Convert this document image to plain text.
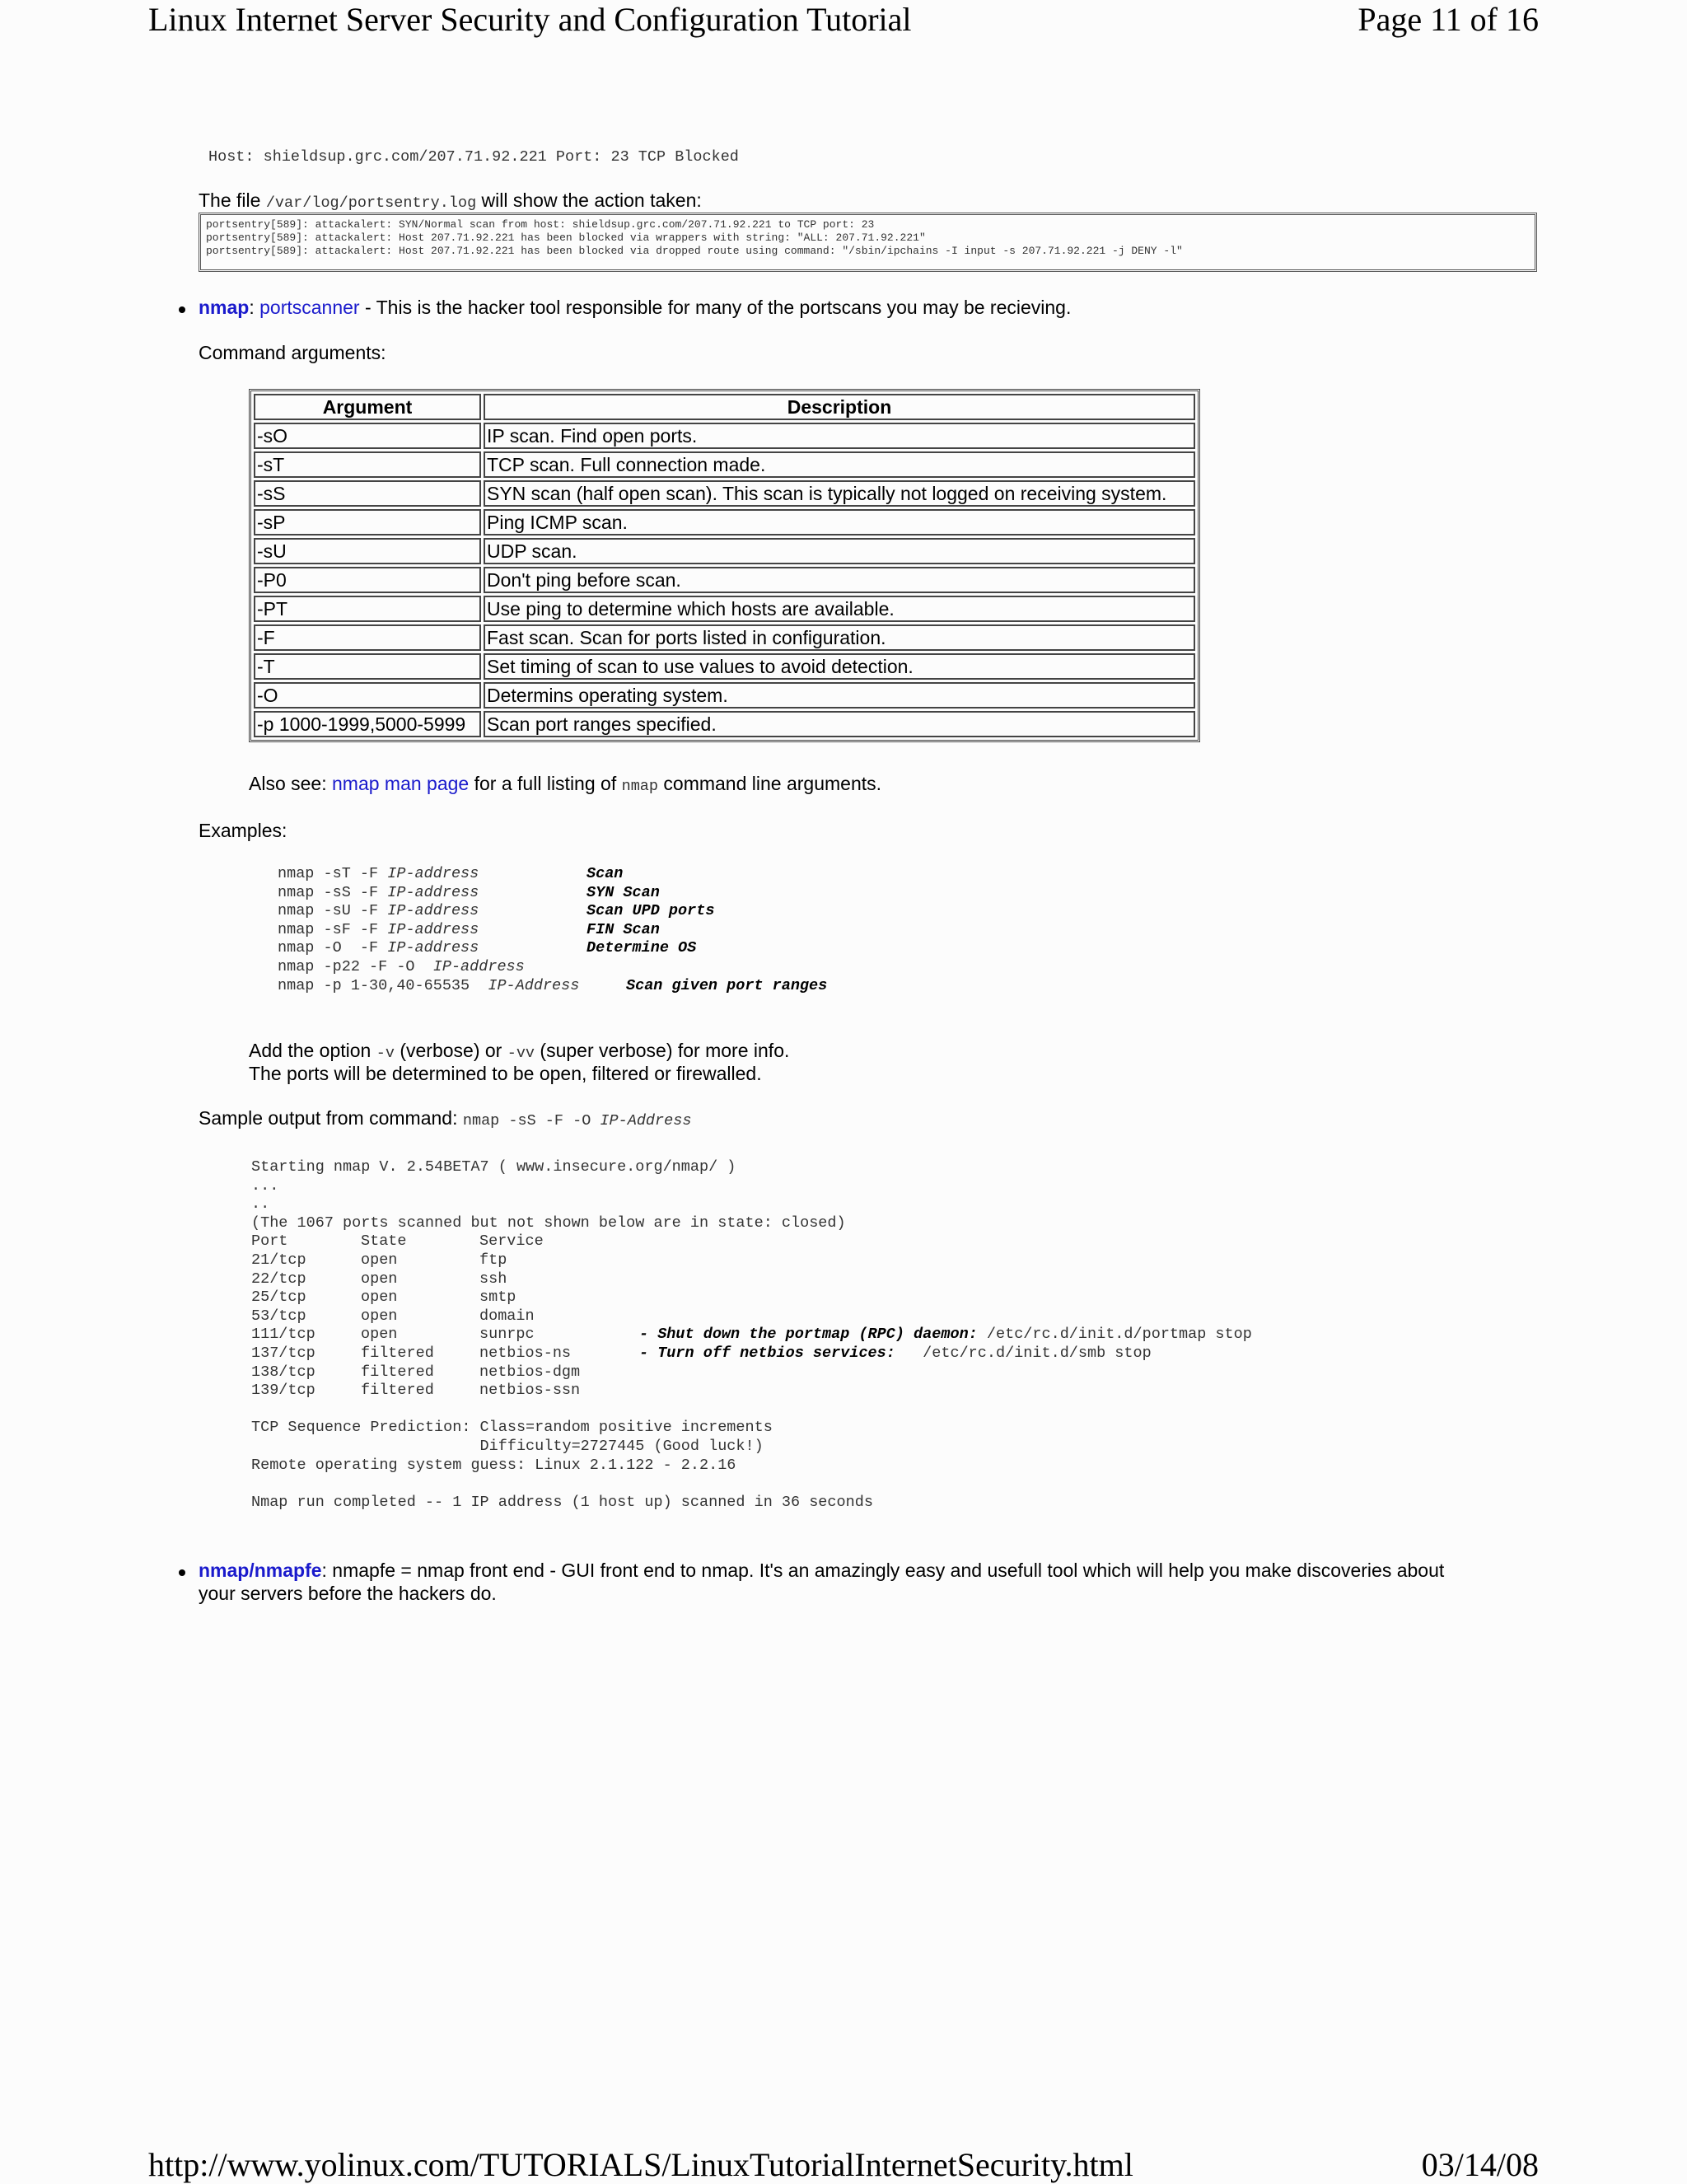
Linux Internet Server Security and Configuration Tutorial	Page 11 of 16
http://www.yolinux.com/TUTORIALS/LinuxTutorialInternetSecurity.html	03/14/08
Host: shieldsup.grc.com/207.71.92.221 Port: 23 TCP Blocked
The file /var/log/portsentry.log will show the action taken:
portsentry[589]: attackalert: SYN/Normal scan from host: shieldsup.grc.com/207.71.92.221 to TCP port: 23
portsentry[589]: attackalert: Host 207.71.92.221 has been blocked via wrappers with string: "ALL: 207.71.92.221"
portsentry[589]: attackalert: Host 207.71.92.221 has been blocked via dropped route using command: "/sbin/ipchains -I input -s 207.71.92.221 -j DENY -l"
nmap: portscanner - This is the hacker tool responsible for many of the portscans you may be recieving.
Command arguments:
Argument	Description
-sO	IP scan. Find open ports.
-sT	TCP scan. Full connection made.
-sS	SYN scan (half open scan). This scan is typically not logged on receiving system.
-sP	Ping ICMP scan.
-sU	UDP scan.
-P0	Don't ping before scan.
-PT	Use ping to determine which hosts are available.
-F	Fast scan. Scan for ports listed in configuration.
-T	Set timing of scan to use values to avoid detection.
-O	Determins operating system.
-p 1000-1999,5000-5999	Scan port ranges specified.
Also see: nmap man page for a full listing of nmap command line arguments.
Examples:
nmap -sT -F IP-address	Scan
nmap -sS -F IP-address	SYN Scan
nmap -sU -F IP-address	Scan UPD ports
nmap -sF -F IP-address	FIN Scan
nmap -O  -F IP-address	Determine OS
nmap -p22 -F -O  IP-address
nmap -p 1-30,40-65535  IP-Address	Scan given port ranges
Add the option -v (verbose) or -vv (super verbose) for more info.
The ports will be determined to be open, filtered or firewalled.
Sample output from command: nmap -sS -F -O IP-Address
Starting nmap V. 2.54BETA7 ( www.insecure.org/nmap/ )
...
..
(The 1067 ports scanned but not shown below are in state: closed)
Port	State	Service
21/tcp	open	ftp
22/tcp	open	ssh
25/tcp	open	smtp
53/tcp	open	domain
111/tcp	open	sunrpc	- Shut down the portmap (RPC) daemon: /etc/rc.d/init.d/portmap stop
137/tcp	filtered	netbios-ns	- Turn off netbios services:   /etc/rc.d/init.d/smb stop
138/tcp	filtered	netbios-dgm
139/tcp	filtered	netbios-ssn
TCP Sequence Prediction: Class=random positive increments
Difficulty=2727445 (Good luck!)
Remote operating system guess: Linux 2.1.122 - 2.2.16
Nmap run completed -- 1 IP address (1 host up) scanned in 36 seconds
nmap/nmapfe: nmapfe = nmap front end - GUI front end to nmap. It's an amazingly easy and usefull tool which will help you make discoveries about
your servers before the hackers do.
